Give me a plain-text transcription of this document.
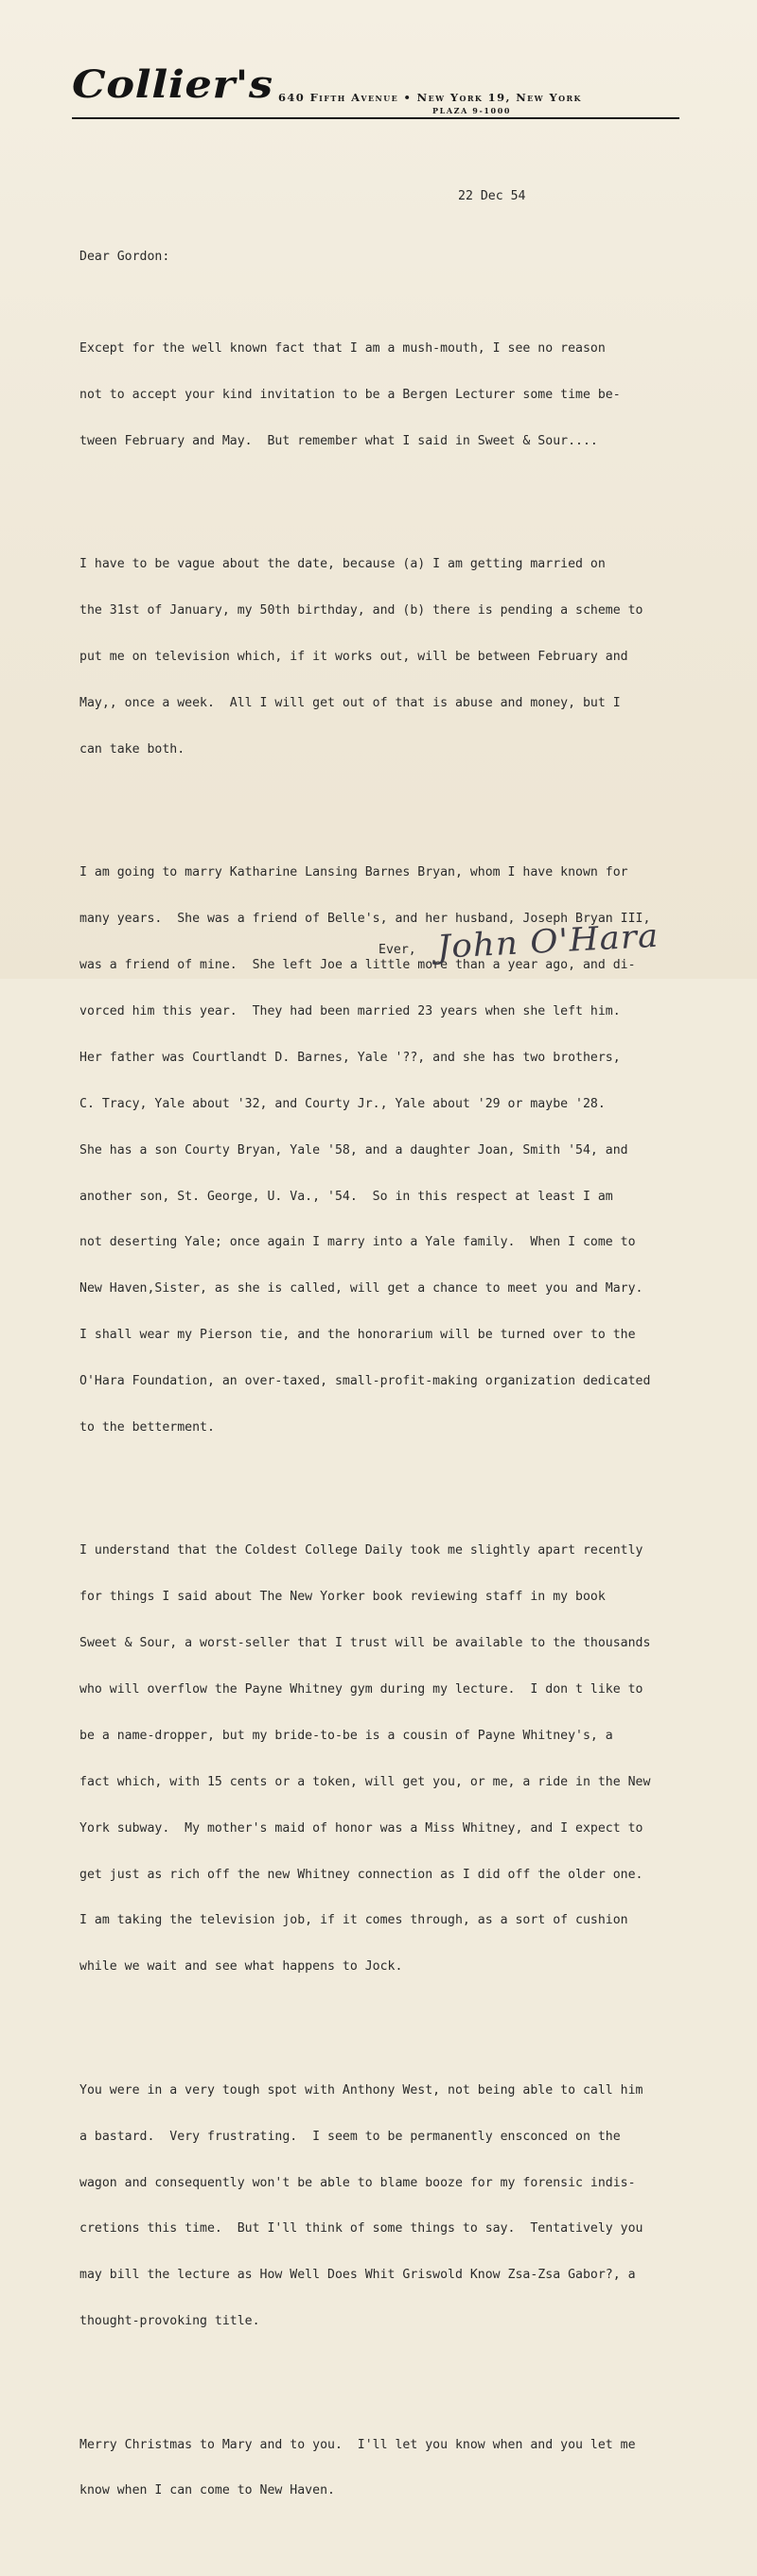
Collier's 640 Fifth Avenue • New York 19, New York
PLAZA 9-1000
22 Dec 54
Dear Gordon:

Except for the well known fact that I am a mush-mouth, I see no reason

not to accept your kind invitation to be a Bergen Lecturer some time be-

tween February and May.  But remember what I said in Sweet & Sour....

I have to be vague about the date, because (a) I am getting married on

the 31st of January, my 50th birthday, and (b) there is pending a scheme to

put me on television which, if it works out, will be between February and

May,, once a week.  All I will get out of that is abuse and money, but I

can take both.

I am going to marry Katharine Lansing Barnes Bryan, whom I have known for

many years.  She was a friend of Belle's, and her husband, Joseph Bryan III,

was a friend of mine.  She left Joe a little more than a year ago, and di-

vorced him this year.  They had been married 23 years when she left him.

Her father was Courtlandt D. Barnes, Yale '??, and she has two brothers,

C. Tracy, Yale about '32, and Courty Jr., Yale about '29 or maybe '28.

She has a son Courty Bryan, Yale '58, and a daughter Joan, Smith '54, and

another son, St. George, U. Va., '54.  So in this respect at least I am

not deserting Yale; once again I marry into a Yale family.  When I come to

New Haven,Sister, as she is called, will get a chance to meet you and Mary.

I shall wear my Pierson tie, and the honorarium will be turned over to the

O'Hara Foundation, an over-taxed, small-profit-making organization dedicated

to the betterment.

I understand that the Coldest College Daily took me slightly apart recently

for things I said about The New Yorker book reviewing staff in my book

Sweet & Sour, a worst-seller that I trust will be available to the thousands

who will overflow the Payne Whitney gym during my lecture.  I don t like to

be a name-dropper, but my bride-to-be is a cousin of Payne Whitney's, a

fact which, with 15 cents or a token, will get you, or me, a ride in the New

York subway.  My mother's maid of honor was a Miss Whitney, and I expect to

get just as rich off the new Whitney connection as I did off the older one.

I am taking the television job, if it comes through, as a sort of cushion

while we wait and see what happens to Jock.

You were in a very tough spot with Anthony West, not being able to call him

a bastard.  Very frustrating.  I seem to be permanently ensconced on the

wagon and consequently won't be able to blame booze for my forensic indis-

cretions this time.  But I'll think of some things to say.  Tentatively you

may bill the lecture as How Well Does Whit Griswold Know Zsa-Zsa Gabor?, a

thought-provoking title.

Merry Christmas to Mary and to you.  I'll let you know when and you let me

know when I can come to New Haven.

Ever, John O'Hara
